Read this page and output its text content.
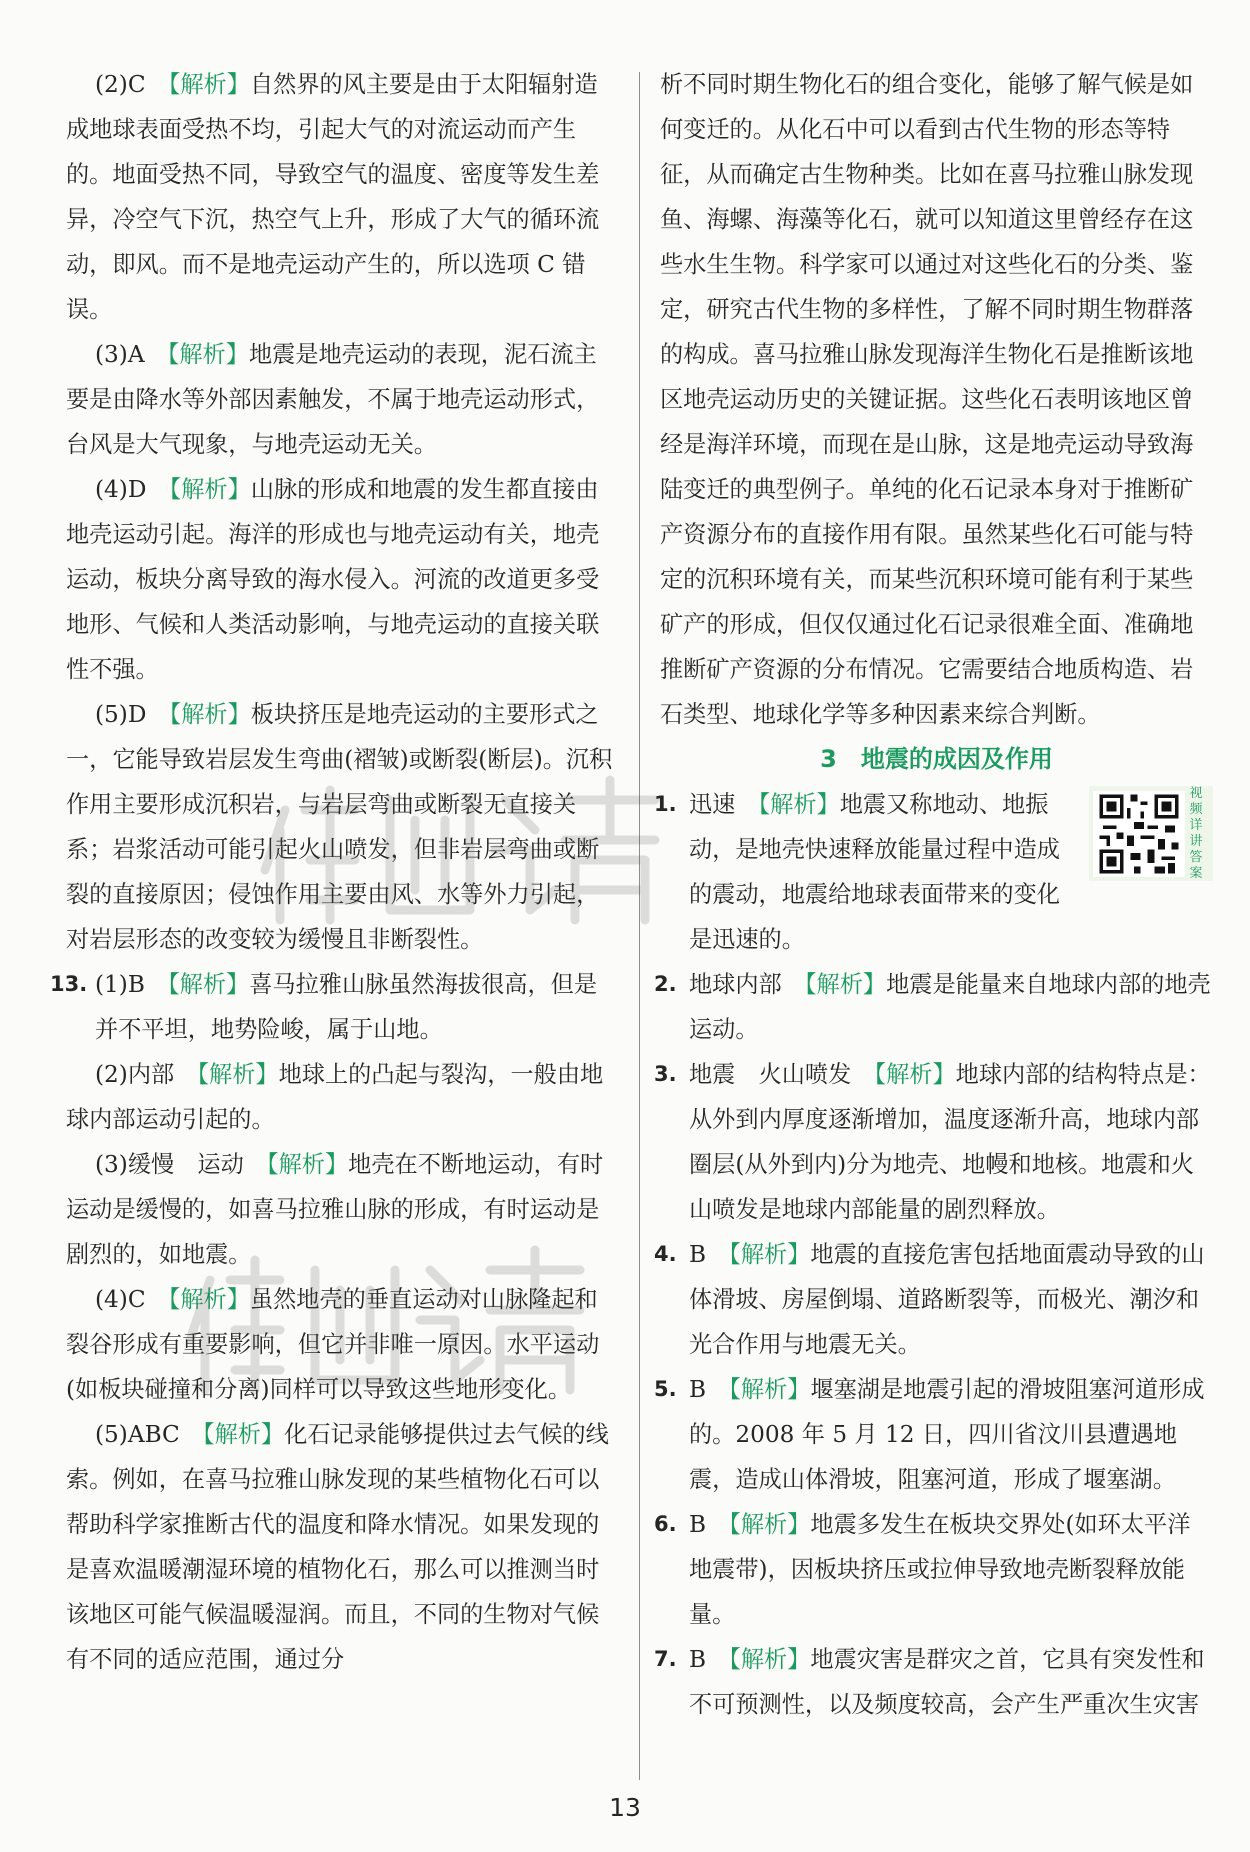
(2)C　 【解析】自然界的风主要是由于太阳辐射造成地球表面受热不均，引起大气的对流运动而产生的。地面受热不同，导致空气的温度、密度等发生差异，冷空气下沉，热空气上升，形成了大气的循环流动，即风。而不是地壳运动产生的，所以选项 C 错误。

(3)A　 【解析】地震是地壳运动的表现，泥石流主要是由降水等外部因素触发，不属于地壳运动形式，台风是大气现象，与地壳运动无关。

(4)D　 【解析】山脉的形成和地震的发生都直接由地壳运动引起。海洋的形成也与地壳运动有关，地壳运动，板块分离导致的海水侵入。河流的改道更多受地形、气候和人类活动影响，与地壳运动的直接关联性不强。

(5)D　 【解析】板块挤压是地壳运动的主要形式之一，它能导致岩层发生弯曲(褶皱)或断裂(断层)。沉积作用主要形成沉积岩，与岩层弯曲或断裂无直接关系；岩浆活动可能引起火山喷发，但非岩层弯曲或断裂的直接原因；侵蚀作用主要由风、水等外力引起，对岩层形态的改变较为缓慢且非断裂性。

13. (1)B　 【解析】喜马拉雅山脉虽然海拔很高，但是并不平坦，地势险峻，属于山地。

(2)内部　 【解析】地球上的凸起与裂沟，一般由地球内部运动引起的。

(3)缓慢　运动　 【解析】地壳在不断地运动，有时运动是缓慢的，如喜马拉雅山脉的形成，有时运动是剧烈的，如地震。

(4)C　 【解析】虽然地壳的垂直运动对山脉隆起和裂谷形成有重要影响，但它并非唯一原因。水平运动(如板块碰撞和分离)同样可以导致这些地形变化。

(5)ABC　 【解析】化石记录能够提供过去气候的线索。例如，在喜马拉雅山脉发现的某些植物化石可以帮助科学家推断古代的温度和降水情况。如果发现的是喜欢温暖潮湿环境的植物化石，那么可以推测当时该地区可能气候温暖湿润。而且，不同的生物对气候有不同的适应范围，通过分

析不同时期生物化石的组合变化，能够了解气候是如何变迁的。从化石中可以看到古代生物的形态等特征，从而确定古生物种类。比如在喜马拉雅山脉发现鱼、海螺、海藻等化石，就可以知道这里曾经存在这些水生生物。科学家可以通过对这些化石的分类、鉴定，研究古代生物的多样性，了解不同时期生物群落的构成。喜马拉雅山脉发现海洋生物化石是推断该地区地壳运动历史的关键证据。这些化石表明该地区曾经是海洋环境，而现在是山脉，这是地壳运动导致海陆变迁的典型例子。单纯的化石记录本身对于推断矿产资源分布的直接作用有限。虽然某些化石可能与特定的沉积环境有关，而某些沉积环境可能有利于某些矿产的形成，但仅仅通过化石记录很难全面、准确地推断矿产资源的分布情况。它需要结合地质构造、岩石类型、地球化学等多种因素来综合判断。

3　地震的成因及作用

视频详讲答案

1. 迅速　 【解析】地震又称地动、地振动，是地壳快速释放能量过程中造成的震动，地震给地球表面带来的变化是迅速的。

2. 地球内部　 【解析】地震是能量来自地球内部的地壳运动。

3. 地震　火山喷发　 【解析】地球内部的结构特点是：从外到内厚度逐渐增加，温度逐渐升高，地球内部圈层(从外到内)分为地壳、地幔和地核。地震和火山喷发是地球内部能量的剧烈释放。

4. B　 【解析】地震的直接危害包括地面震动导致的山体滑坡、房屋倒塌、道路断裂等，而极光、潮汐和光合作用与地震无关。

5. B　 【解析】堰塞湖是地震引起的滑坡阻塞河道形成的。2008 年 5 月 12 日，四川省汶川县遭遇地震，造成山体滑坡，阻塞河道，形成了堰塞湖。

6. B　 【解析】地震多发生在板块交界处(如环太平洋地震带)，因板块挤压或拉伸导致地壳断裂释放能量。

7. B　 【解析】地震灾害是群灾之首，它具有突发性和不可预测性，以及频度较高，会产生严重次生灾害

13
